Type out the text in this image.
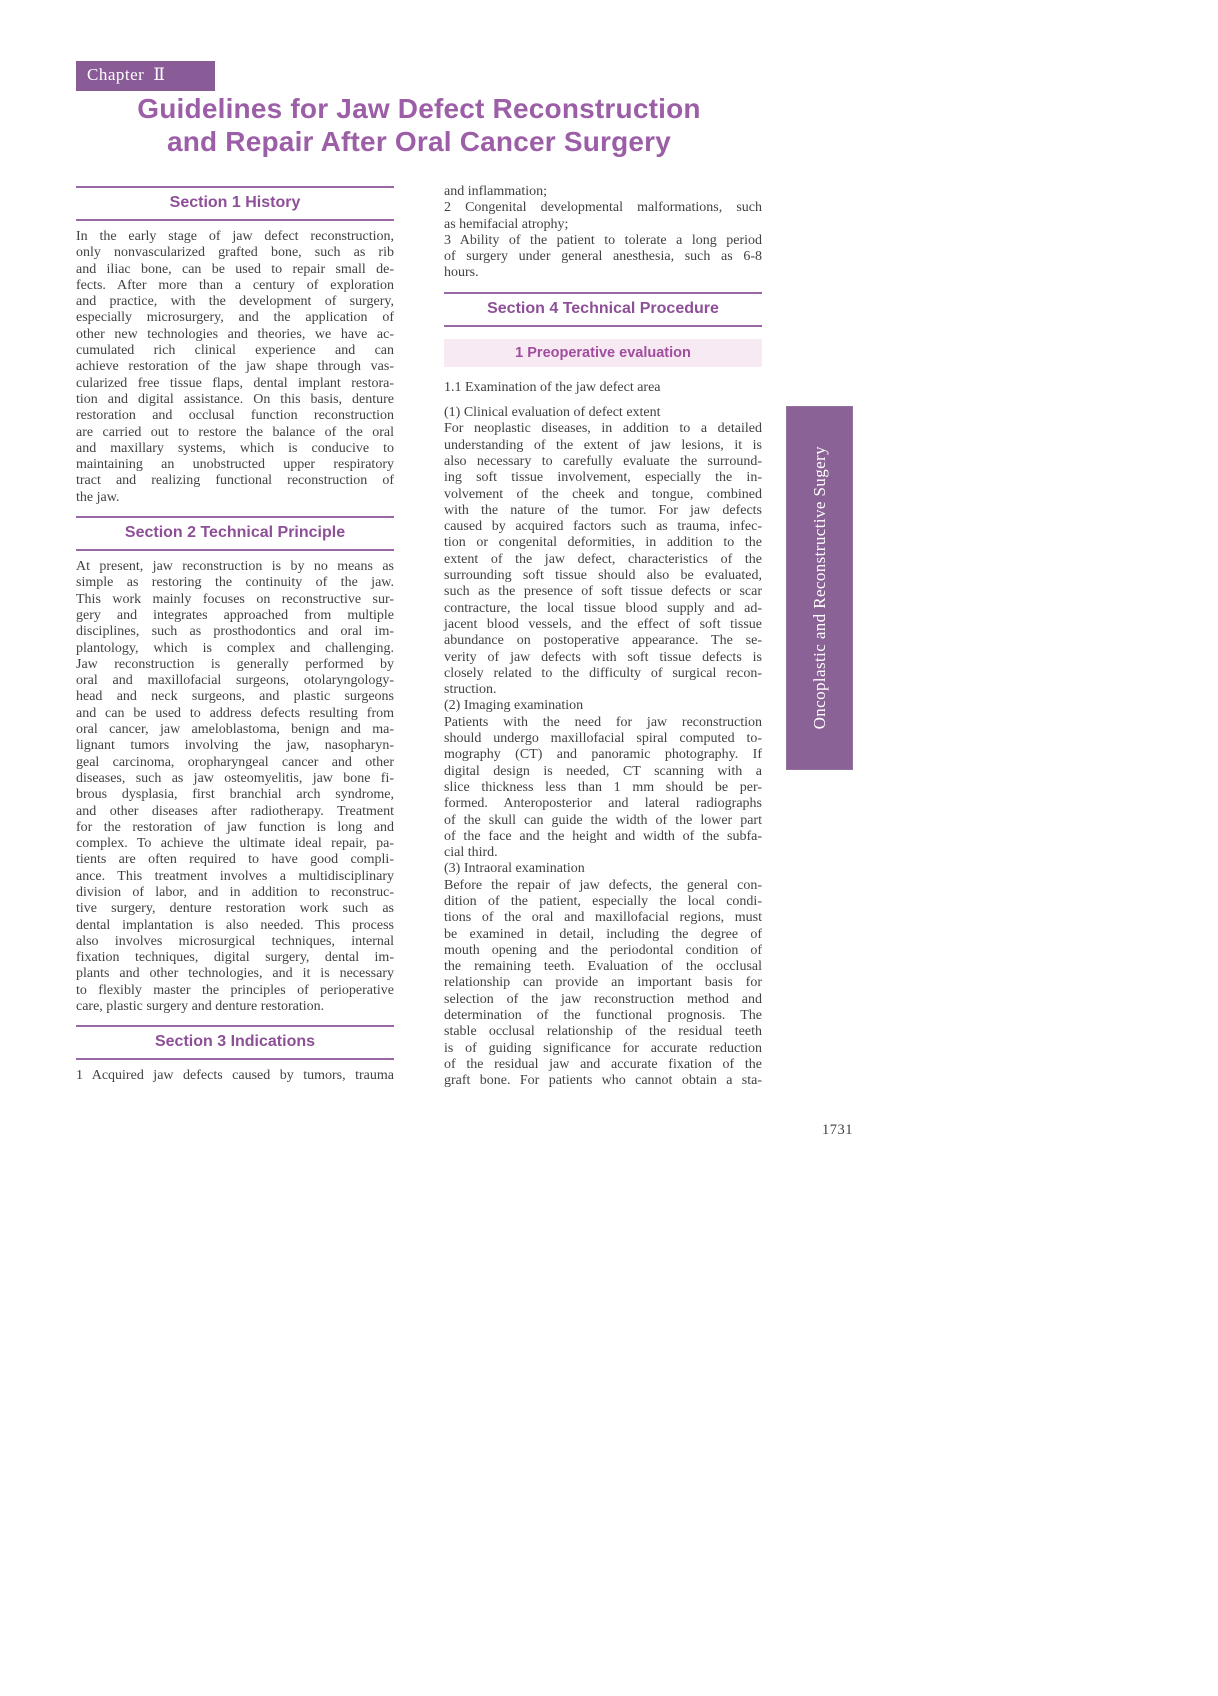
Chapter Ⅱ
Guidelines for Jaw Defect Reconstruction
and Repair After Oral Cancer Surgery
Section 1 History
In the early stage of jaw defect reconstruction,
only nonvascularized grafted bone, such as rib
and iliac bone, can be used to repair small de-
fects. After more than a century of exploration
and practice, with the development of surgery,
especially microsurgery, and the application of
other new technologies and theories, we have ac-
cumulated rich clinical experience and can
achieve restoration of the jaw shape through vas-
cularized free tissue flaps, dental implant restora-
tion and digital assistance. On this basis, denture
restoration and occlusal function reconstruction
are carried out to restore the balance of the oral
and maxillary systems, which is conducive to
maintaining an unobstructed upper respiratory
tract and realizing functional reconstruction of
the jaw.
Section 2 Technical Principle
At present, jaw reconstruction is by no means as
simple as restoring the continuity of the jaw.
This work mainly focuses on reconstructive sur-
gery and integrates approached from multiple
disciplines, such as prosthodontics and oral im-
plantology, which is complex and challenging.
Jaw reconstruction is generally performed by
oral and maxillofacial surgeons, otolaryngology-
head and neck surgeons, and plastic surgeons
and can be used to address defects resulting from
oral cancer, jaw ameloblastoma, benign and ma-
lignant tumors involving the jaw, nasopharyn-
geal carcinoma, oropharyngeal cancer and other
diseases, such as jaw osteomyelitis, jaw bone fi-
brous dysplasia, first branchial arch syndrome,
and other diseases after radiotherapy. Treatment
for the restoration of jaw function is long and
complex. To achieve the ultimate ideal repair, pa-
tients are often required to have good compli-
ance. This treatment involves a multidisciplinary
division of labor, and in addition to reconstruc-
tive surgery, denture restoration work such as
dental implantation is also needed. This process
also involves microsurgical techniques, internal
fixation techniques, digital surgery, dental im-
plants and other technologies, and it is necessary
to flexibly master the principles of perioperative
care, plastic surgery and denture restoration.
Section 3 Indications
1 Acquired jaw defects caused by tumors, trauma
and inflammation;
2 Congenital developmental malformations, such
as hemifacial atrophy;
3 Ability of the patient to tolerate a long period
of surgery under general anesthesia, such as 6-8
hours.
Section 4 Technical Procedure
1 Preoperative evaluation
1.1 Examination of the jaw defect area
(1) Clinical evaluation of defect extent
For neoplastic diseases, in addition to a detailed
understanding of the extent of jaw lesions, it is
also necessary to carefully evaluate the surround-
ing soft tissue involvement, especially the in-
volvement of the cheek and tongue, combined
with the nature of the tumor. For jaw defects
caused by acquired factors such as trauma, infec-
tion or congenital deformities, in addition to the
extent of the jaw defect, characteristics of the
surrounding soft tissue should also be evaluated,
such as the presence of soft tissue defects or scar
contracture, the local tissue blood supply and ad-
jacent blood vessels, and the effect of soft tissue
abundance on postoperative appearance. The se-
verity of jaw defects with soft tissue defects is
closely related to the difficulty of surgical recon-
struction.
(2) Imaging examination
Patients with the need for jaw reconstruction
should undergo maxillofacial spiral computed to-
mography (CT) and panoramic photography. If
digital design is needed, CT scanning with a
slice thickness less than 1 mm should be per-
formed. Anteroposterior and lateral radiographs
of the skull can guide the width of the lower part
of the face and the height and width of the subfa-
cial third.
(3) Intraoral examination
Before the repair of jaw defects, the general con-
dition of the patient, especially the local condi-
tions of the oral and maxillofacial regions, must
be examined in detail, including the degree of
mouth opening and the periodontal condition of
the remaining teeth. Evaluation of the occlusal
relationship can provide an important basis for
selection of the jaw reconstruction method and
determination of the functional prognosis. The
stable occlusal relationship of the residual teeth
is of guiding significance for accurate reduction
of the residual jaw and accurate fixation of the
graft bone. For patients who cannot obtain a sta-
Oncoplastic and Reconstructive Sugery
1731
